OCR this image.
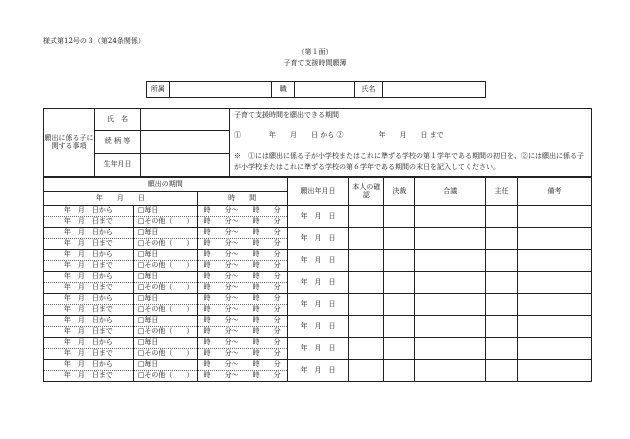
様式第12号の３（第24条関係）
（第１面）
子育て支援時間願簿
所属		職		氏名	
願出に係る子に関する事項	氏　名		子育て支援時間を願出できる期間
①　　　　年　　月　　日 から ②　　　　　年　　月　　日 まで
※　①には願出に係る子が小学校またはこれに準ずる学校の第１学年である期間の初日を、②には願出に係る子が小学校またはこれに準ずる学校の第６学年である期間の末日を記入してください。

	続 柄 等		
	生年月日		
願出の期間			願出年月日	本人の確　認	決裁	合議	主任	備考
年　　月　　日		時　　間						
年　月　日から	□毎日	時　　分～　　時　　分	年　月　日					
年　月　日まで	□その他（　　）	時　　分～　　時　　分						
年　月　日から	□毎日	時　　分～　　時　　分	年　月　日					
年　月　日まで	□その他（　　）	時　　分～　　時　　分						
年　月　日から	□毎日	時　　分～　　時　　分	年　月　日					
年　月　日まで	□その他（　　）	時　　分～　　時　　分						
年　月　日から	□毎日	時　　分～　　時　　分	年　月　日					
年　月　日まで	□その他（　　）	時　　分～　　時　　分						
年　月　日から	□毎日	時　　分～　　時　　分	年　月　日					
年　月　日まで	□その他（　　）	時　　分～　　時　　分						
年　月　日から	□毎日	時　　分～　　時　　分	年　月　日					
年　月　日まで	□その他（　　）	時　　分～　　時　　分						
年　月　日から	□毎日	時　　分～　　時　　分	年　月　日					
年　月　日まで	□その他（　　）	時　　分～　　時　　分						
年　月　日から	□毎日	時　　分～　　時　　分	年　月　日					
年　月　日まで	□その他（　　）	時　　分～　　時　　分						
